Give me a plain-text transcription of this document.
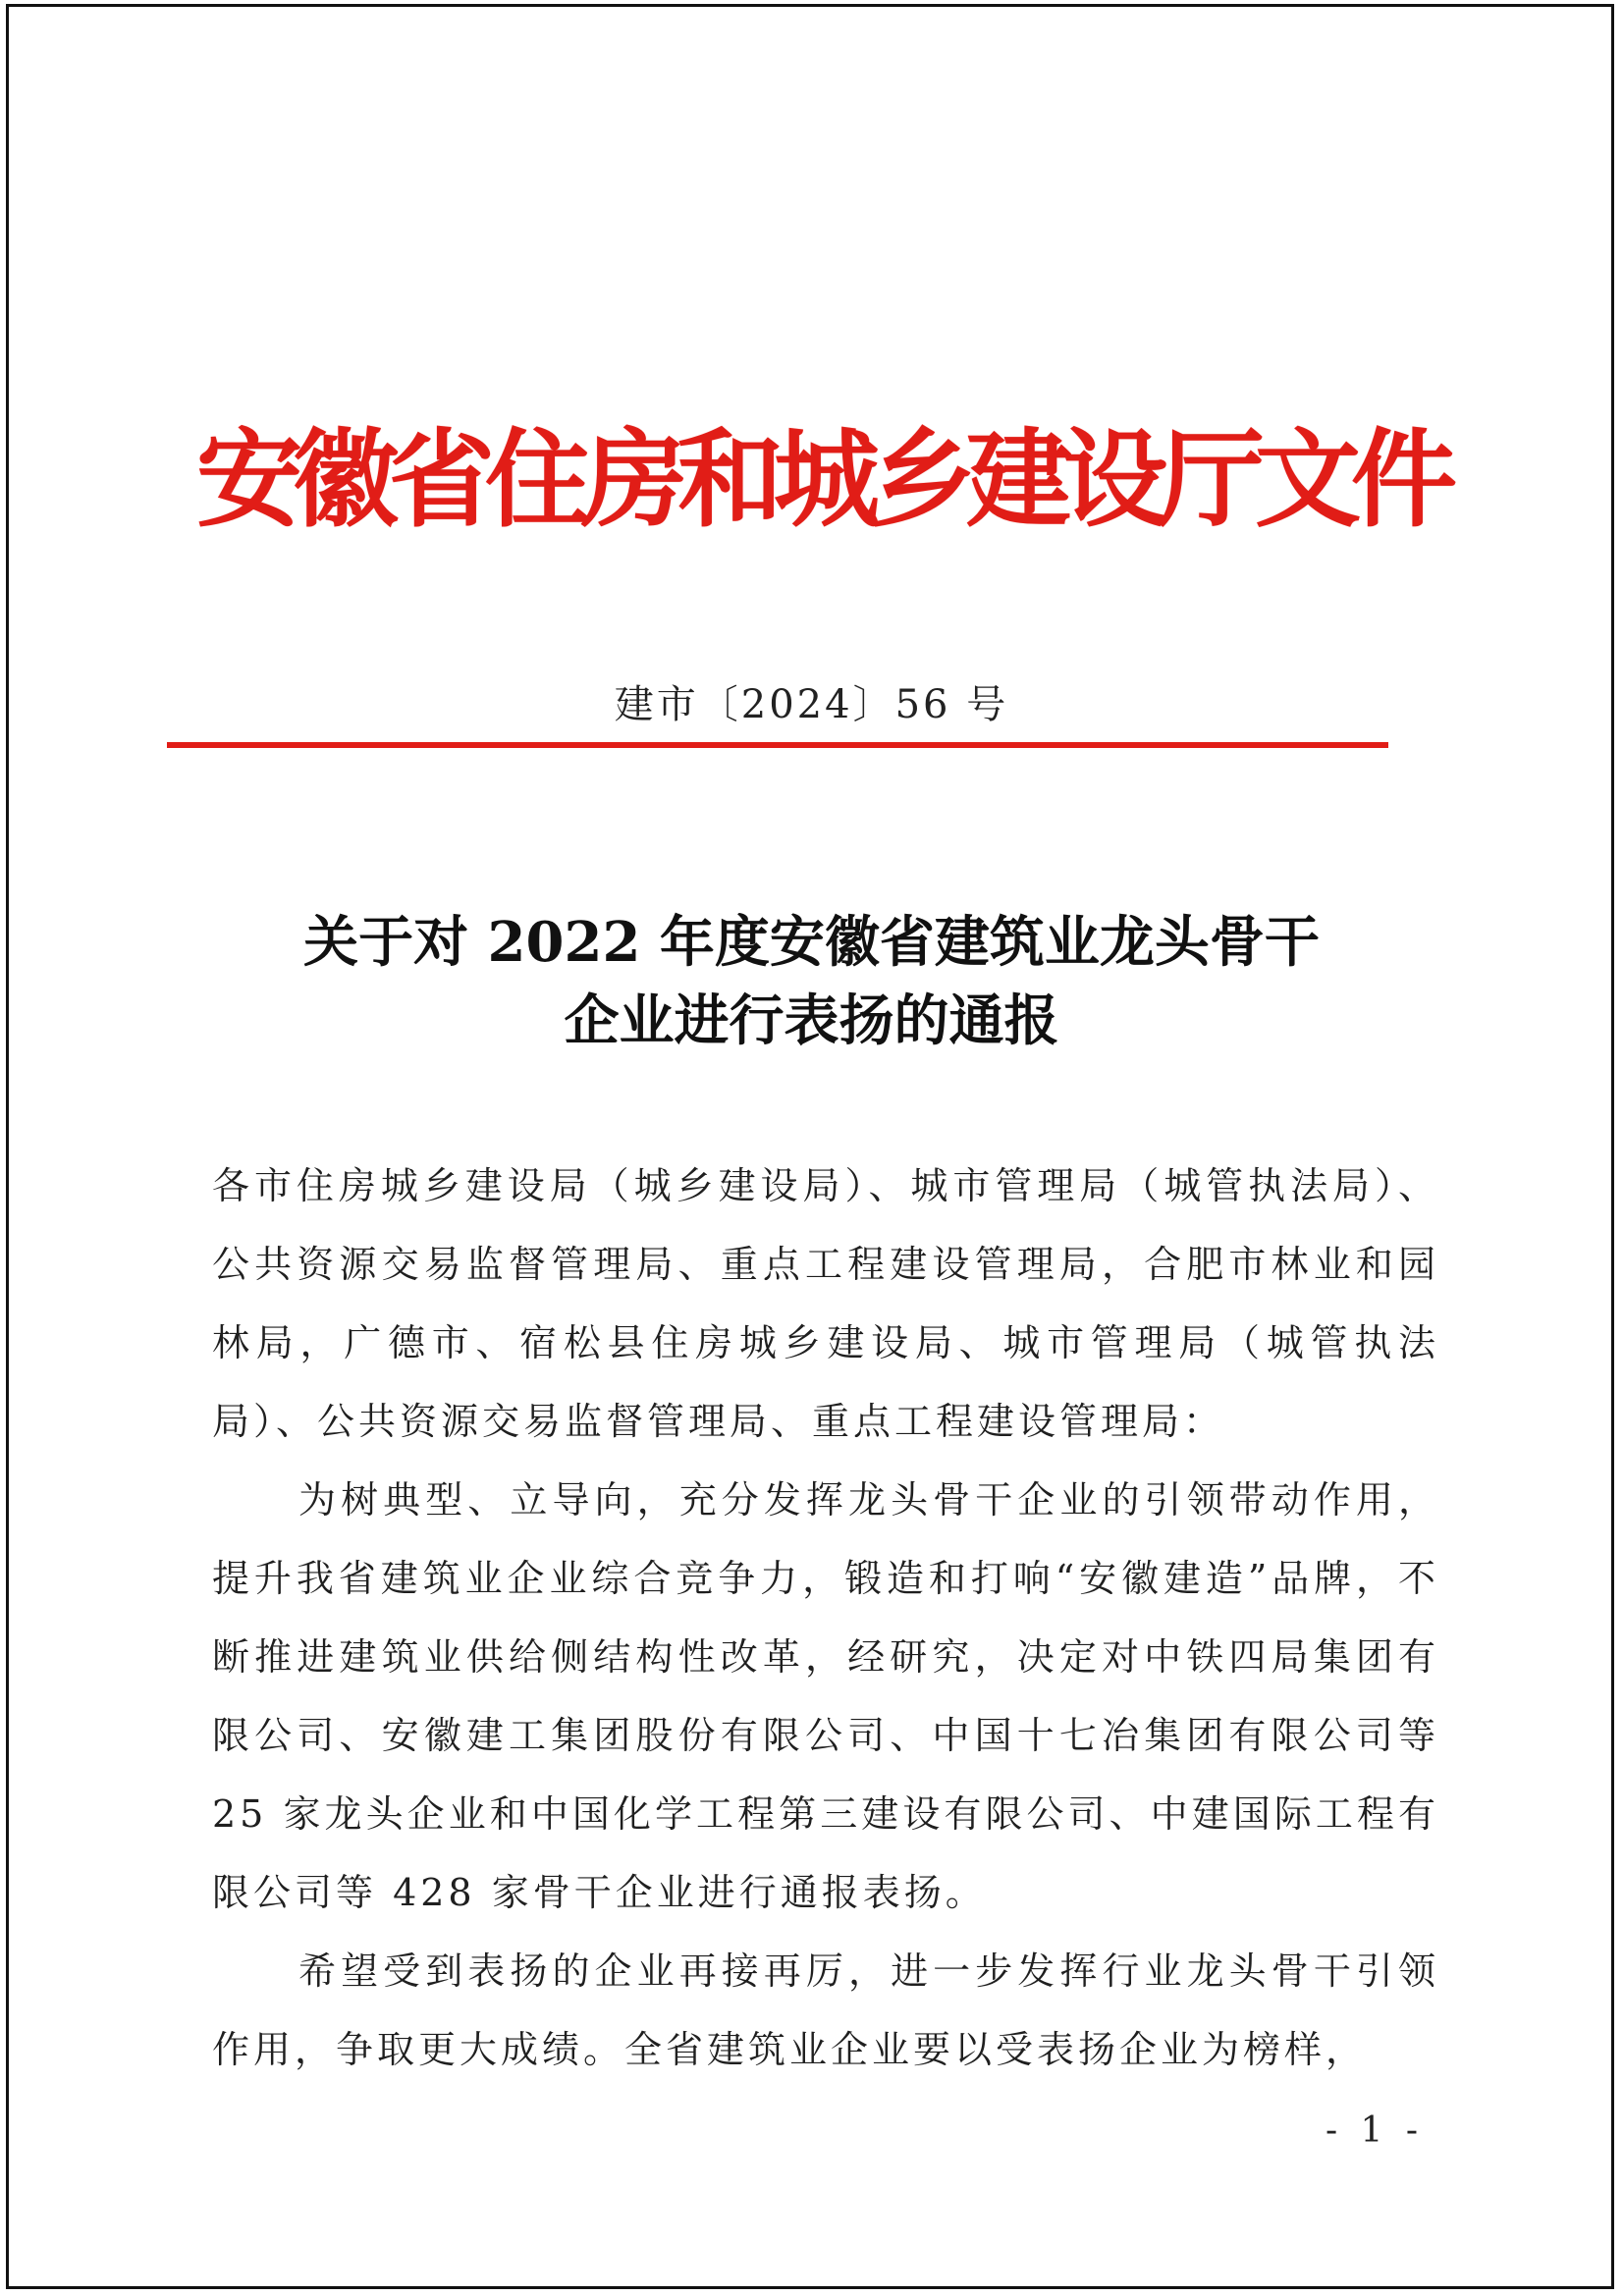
安徽省住房和城乡建设厅文件
建市〔2024〕56 号
关于对 2022 年度安徽省建筑业龙头骨干
企业进行表扬的通报

各市住房城乡建设局（城乡建设局）、城市管理局（城管执法局）、公共资源交易监督管理局、重点工程建设管理局，合肥市林业和园林局，广德市、宿松县住房城乡建设局、城市管理局（城管执法局）、公共资源交易监督管理局、重点工程建设管理局：

为树典型、立导向，充分发挥龙头骨干企业的引领带动作用，提升我省建筑业企业综合竞争力，锻造和打响“安徽建造”品牌，不断推进建筑业供给侧结构性改革，经研究，决定对中铁四局集团有限公司、安徽建工集团股份有限公司、中国十七冶集团有限公司等 25 家龙头企业和中国化学工程第三建设有限公司、中建国际工程有限公司等 428 家骨干企业进行通报表扬。

希望受到表扬的企业再接再厉，进一步发挥行业龙头骨干引领作用，争取更大成绩。全省建筑业企业要以受表扬企业为榜样，

- 1 -
